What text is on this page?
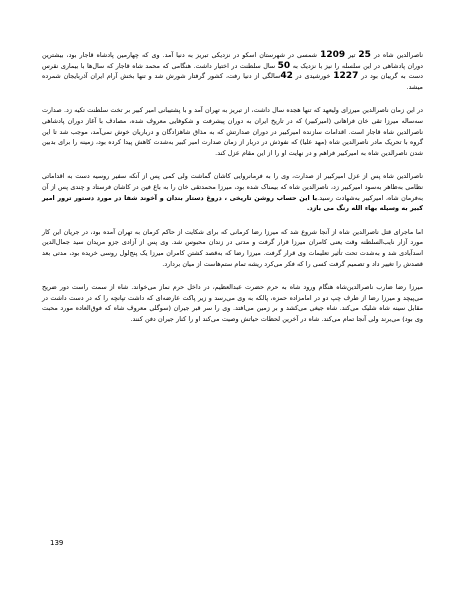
ناصرالدین شاه در 25 تیر 1209 شمسی در شهرستان اسکو در نزدیکی تبریز به دنیا آمد. وی که چهارمین پادشاه قاجار بود، بیشترین دوران پادشاهی در این سلسله را نیز با نزدیک به 50 سال سلطنت در اختیار داشت. هنگامی که محمد شاه قاجار که سال‌ها با بیماری نقرس دست به گریبان بود در 1227 خورشیدی در 42سالگی از دنیا رفت، کشور گرفتار شورش شد و تنها بخش آرام ایران آذربایجان شمرده میشد.

در این زمان ناصرالدین میرزای ولیعهد که تنها هجده سال داشت، از تبریز به تهران آمد و با پشتیبانی امیر کبیر بر تخت سلطنت تکیه زد. صدارت سه‌ساله میرزا تقی خان فراهانی (امیرکبیر) که در تاریخ ایران به دوران پیشرفت و شکوفایی معروف شده، مصادف با آغاز دوران پادشاهی ناصرالدین شاه قاجار است. اقدامات سازنده امیرکبیر در دوران صدارتش که به مذاق شاهزادگان و درباریان خوش نمی‌آمد، موجب شد تا این گروه با تحریک مادر ناصرالدین شاه (مهد علیا) که نفوذش در دربار از زمان صدارت امیر کبیر به‌شدت کاهش پیدا کرده بود، زمینه را برای بدبین شدن ناصرالدین شاه به امیرکبیر فراهم و در نهایت او را از این مقام عزل کند.

ناصرالدین شاه پس از عزل امیرکبیر از صدارت، وی را به فرمانروایی کاشان گماشت ولی کمی پس از آنکه سفیر روسیه دست به اقداماتی نظامی به‌ظاهر به‌سود امیرکبیر زد، ناصرالدین شاه که بیمناک شده بود، میرزا محمدتقی خان را به باغ فین در کاشان فرستاد و چندی پس از آن به‌فرمان شاه، امیرکبیر به‌شهادت رسید.با این حساب روشن تاریخی ، دروغ دستار بندان و آخوند شفا در مورد دستور ترور امیر کبیر به وسیله بهاء الله رنگ می بازد.

اما ماجرای قتل ناصرالدین شاه از آنجا شروع شد که میرزا رضا کرمانی که برای شکایت از حاکم کرمان به تهران آمده بود، در جریان این کار مورد آزار نایب‌السلطنه وقت یعنی کامران میرزا قرار گرفت و مدتی در زندان محبوس شد. وی پس از آزادی جزو مریدان سید جمال‌الدین اسدآبادی شد و به‌شدت تحت تأثیر تعلیمات وی قرار گرفت. میرزا رضا که به‌قصد کشتن کامران میرزا یک پنج‌لول روسی خریده بود، مدتی بعد قصدش را تغییر داد و تصمیم گرفت کسی را که فکر می‌کرد ریشه تمام ستم‌هاست از میان بردارد.

میرزا رضا ضارب ناصرالدین‌شاه هنگام ورود شاه به حرم حضرت عبدالعظیم، در داخل حرم نماز می‌خواند. شاه از سمت راست دور ضریح می‌پیچد و میرزا رضا از طرف چپ دو در امامزاده حمزه، پالکه به وی می‌رسد و زیر پاکت عارضه‌ای که داشت تپانچه را که در دست داشت در مقابل سینه شاه شلیک می‌کند. شاه جیغی می‌کشد و بر زمین می‌افتد. وی را سر قبر جیران (سوگلی معروف شاه که فوق‌العاده مورد محبت وی بود) می‌برند ولی آنجا تمام می‌کند. شاه در آخرین لحظات حیاتش وصیت می‌کند او را کنار جیران دفن کنند.

139
